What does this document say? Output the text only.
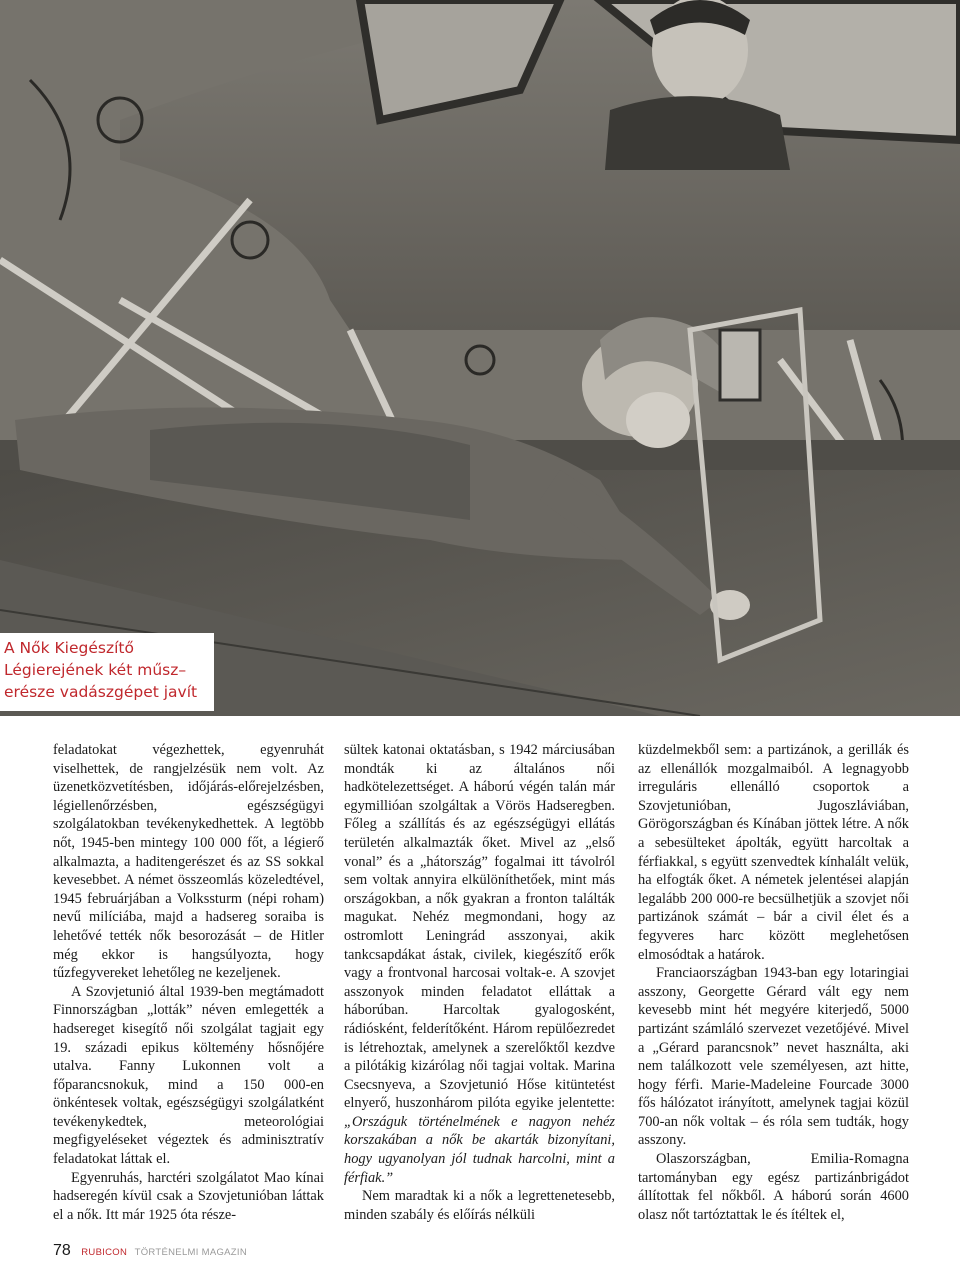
A Nők Kiegészítő
Légierejének két műsz–
erésze vadászgépet javít

feladatokat végezhettek, egyenruhát viselhettek, de rangjelzésük nem volt. Az üzenetközvetítésben, időjárás-előrejelzésben, légiellenőrzésben, egészségügyi szolgálatokban tevékenykedhettek. A legtöbb nőt, 1945-ben mintegy 100 000 főt, a légierő alkalmazta, a haditengerészet és az SS sokkal kevesebbet. A német összeomlás közeledtével, 1945 februárjában a Volkssturm (népi roham) nevű milíciába, majd a hadsereg soraiba is lehetővé tették nők besorozását – de Hitler még ekkor is hangsúlyozta, hogy tűzfegyvereket lehetőleg ne kezeljenek.

A Szovjetunió által 1939-ben megtámadott Finnországban „lották” néven emlegették a hadsereget kisegítő női szolgálat tagjait egy 19. századi epikus költemény hősnőjére utalva. Fanny Lukonnen volt a főparancsnokuk, mind a 150 000-en önkéntesek voltak, egészségügyi szolgálatként tevékenykedtek, meteorológiai megfigyeléseket végeztek és adminisztratív feladatokat láttak el.

Egyenruhás, harctéri szolgálatot Mao kínai hadseregén kívül csak a Szovjetunióban láttak el a nők. Itt már 1925 óta része-

sültek katonai oktatásban, s 1942 márciusában mondták ki az általános női hadkötelezettséget. A háború végén talán már egymillióan szolgáltak a Vörös Hadseregben. Főleg a szállítás és az egészségügyi ellátás területén alkalmazták őket. Mivel az „első vonal” és a „hátország” fogalmai itt távolról sem voltak annyira elkülöníthetőek, mint más országokban, a nők gyakran a fronton találták magukat. Nehéz megmondani, hogy az ostromlott Leningrád asszonyai, akik tankcsapdákat ástak, civilek, kiegészítő erők vagy a frontvonal harcosai voltak-e. A szovjet asszonyok minden feladatot elláttak a háborúban. Harcoltak gyalogosként, rádiósként, felderítőként. Három repülőezredet is létrehoztak, amelynek a szerelőktől kezdve a pilótákig kizárólag női tagjai voltak. Marina Csecsnyeva, a Szovjetunió Hőse kitüntetést elnyerő, huszonhárom pilóta egyike jelentette: „Országuk történelmének e nagyon nehéz korszakában a nők be akarták bizonyítani, hogy ugyanolyan jól tudnak harcolni, mint a férfiak.”

Nem maradtak ki a nők a legrettenetesebb, minden szabály és előírás nélküli

küzdelmekből sem: a partizánok, a gerillák és az ellenállók mozgalmaiból. A legnagyobb irreguláris ellenálló csoportok a Szovjetunióban, Jugoszláviában, Görögországban és Kínában jöttek létre. A nők a sebesülteket ápolták, együtt harcoltak a férfiakkal, s együtt szenvedtek kínhalált velük, ha elfogták őket. A németek jelentései alapján legalább 200 000-re becsülhetjük a szovjet női partizánok számát – bár a civil élet és a fegyveres harc között meglehetősen elmosódtak a határok.

Franciaországban 1943-ban egy lotaringiai asszony, Georgette Gérard vált egy nem kevesebb mint hét megyére kiterjedő, 5000 partizánt számláló szervezet vezetőjévé. Mivel a „Gérard parancsnok” nevet használta, aki nem találkozott vele személyesen, azt hitte, hogy férfi. Marie-Madeleine Fourcade 3000 fős hálózatot irányított, amelynek tagjai közül 700-an nők voltak – és róla sem tudták, hogy asszony.

Olaszországban, Emilia-Romagna tartományban egy egész partizánbrigádot állítottak fel nőkből. A háború során 4600 olasz nőt tartóztattak le és ítéltek el,

78 RUBICON TÖRTÉNELMI MAGAZIN
